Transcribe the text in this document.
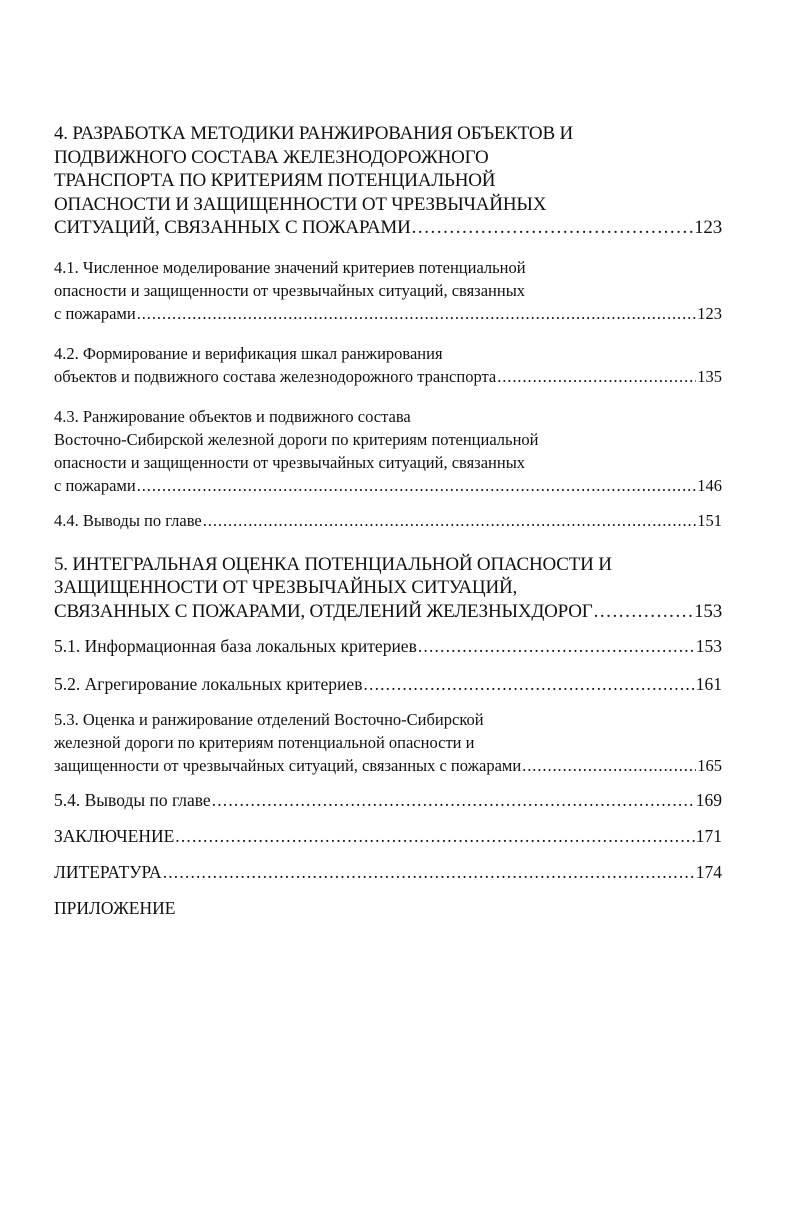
4. РАЗРАБОТКА МЕТОДИКИ РАНЖИРОВАНИЯ ОБЪЕКТОВ И
ПОДВИЖНОГО СОСТАВА ЖЕЛЕЗНОДОРОЖНОГО
ТРАНСПОРТА ПО КРИТЕРИЯМ ПОТЕНЦИАЛЬНОЙ
ОПАСНОСТИ И ЗАЩИЩЕННОСТИ ОТ ЧРЕЗВЫЧАЙНЫХ
СИТУАЦИЙ, СВЯЗАННЫХ С ПОЖАРАМИ . . .	123
4.1. Численное моделирование значений критериев потенциальной
опасности и защищенности от чрезвычайных ситуаций, связанных
с пожарами . . .	123
4.2. Формирование и верификация шкал ранжирования
объектов и подвижного состава железнодорожного транспорта . . .	135
4.3. Ранжирование объектов и подвижного состава
Восточно-Сибирской железной дороги по критериям потенциальной
опасности и защищенности от чрезвычайных ситуаций, связанных
с пожарами . . .	146
4.4. Выводы по главе . . .	151
5. ИНТЕГРАЛЬНАЯ ОЦЕНКА ПОТЕНЦИАЛЬНОЙ ОПАСНОСТИ И
ЗАЩИЩЕННОСТИ ОТ ЧРЕЗВЫЧАЙНЫХ СИТУАЦИЙ,
СВЯЗАННЫХ С ПОЖАРАМИ, ОТДЕЛЕНИЙ ЖЕЛЕЗНЫХДОРОГ . . .	153
5.1. Информационная база локальных критериев . . .	153
5.2. Агрегирование локальных критериев . . .	161
5.3. Оценка и ранжирование отделений Восточно-Сибирской
железной дороги по критериям потенциальной опасности и
защищенности от чрезвычайных ситуаций, связанных с пожарами . . .	165
5.4. Выводы по главе . . .	169
ЗАКЛЮЧЕНИЕ . . .	171
ЛИТЕРАТУРА . . .	174
ПРИЛОЖЕНИЕ
